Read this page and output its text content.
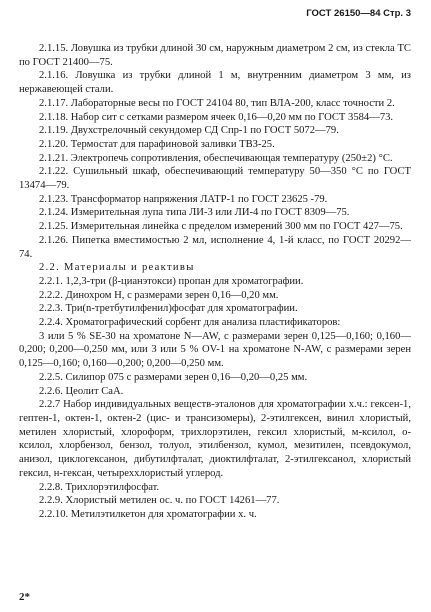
ГОСТ 26150—84 Стр. 3

2.1.15. Ловушка из трубки длиной 30 см, наружным диаметром 2 см, из стекла ТС по ГОСТ 21400—75.

2.1.16. Ловушка из трубки длиной 1 м, внутренним диаметром 3 мм, из нержавеющей стали.

2.1.17. Лабораторные весы по ГОСТ 24104 80, тип ВЛА-200, класс точности 2.

2.1.18. Набор сит с сетками размером ячеек 0,16—0,20 мм по ГОСТ 3584—73.

2.1.19. Двухстрелочный секундомер СД Спр-1 по ГОСТ 5072—79.

2.1.20. Термостат для парафиновой заливки ТВЗ-25.

2.1.21. Электропечь сопротивления, обеспечивающая температуру (250±2) °С.

2.1.22. Сушильный шкаф, обеспечивающий температуру 50—350 °С по ГОСТ 13474—79.

2.1.23. Трансформатор напряжения ЛАТР-1 по ГОСТ 23625 -79.

2.1.24. Измерительная лупа типа ЛИ-3 или ЛИ-4 по ГОСТ 8309—75.

2.1.25. Измерительная линейка с пределом измерений 300 мм по ГОСТ 427—75.

2.1.26. Пипетка вместимостью 2 мл, исполнение 4, 1-й класс, по ГОСТ 20292—74.

2.2. Материалы и реактивы

2.2.1. 1,2,3-три (β-цианэтокси) пропан для хроматографии.

2.2.2. Динохром Н, с размерами зерен 0,16—0,20 мм.

2.2.3. Три(n-третбутилфенил)фосфат для хроматографии.

2.2.4. Хроматографический сорбент для анализа пластификаторов:

3 или 5 % SE-30 на хроматоне N—AW, с размерами зерен 0,125—0,160; 0,160—0,200; 0,200—0,250 мм, или 3 или 5 % OV-1 на хроматоне N-AW, с размерами зерен 0,125—0,160; 0,160—0,200; 0,200—0,250 мм.

2.2.5. Силипор 075 с размерами зерен 0,16—0,20—0,25 мм.

2.2.6. Цеолит СаА.

2.2.7 Набор индивидуальных веществ-эталонов для хроматографии х.ч.: гексен-1, гептен-1, октен-1, октен-2 (цис- и трансизомеры), 2-этилгексен, винил хлористый, метилен хлористый, хлороформ, трихлорэтилен, гексил хлористый, м-ксилол, о-ксилол, хлорбензол, бензол, толуол, этилбензол, кумол, мезитилен, псевдокумол, анизол, циклогексанон, дибутилфталат, диоктилфталат, 2-этилгексанол, хлористый гексил, н-гексан, четыреххлористый углерод.

2.2.8. Трихлорэтилфосфат.

2.2.9. Хлористый метилен ос. ч. по ГОСТ 14261—77.

2.2.10. Метилэтилкетон для хроматографии х. ч.

2*
